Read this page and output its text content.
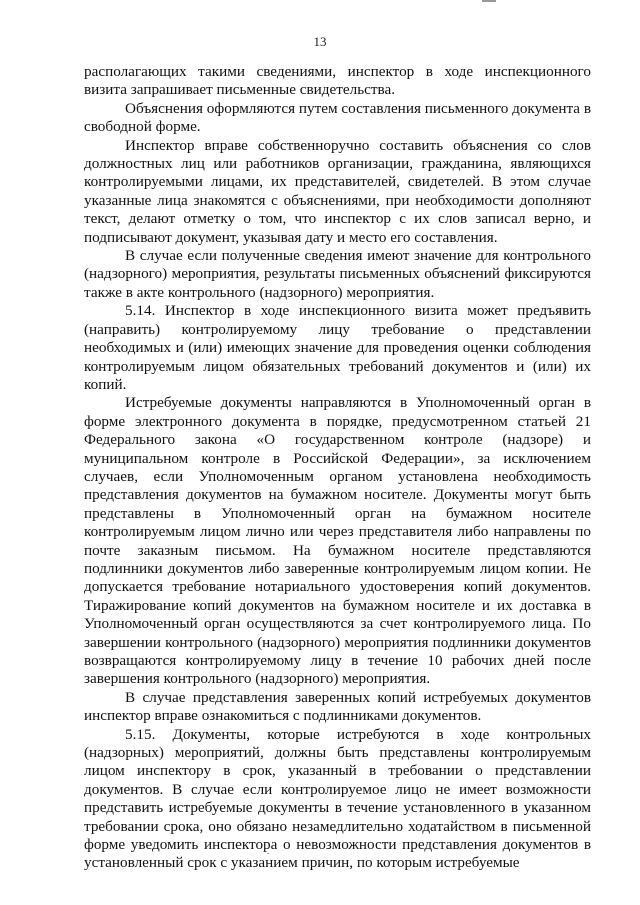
13

располагающих такими сведениями, инспектор в ходе инспекционного визита запрашивает письменные свидетельства.

Объяснения оформляются путем составления письменного документа в свободной форме.

Инспектор вправе собственноручно составить объяснения со слов должностных лиц или работников организации, гражданина, являющихся контролируемыми лицами, их представителей, свидетелей. В этом случае указанные лица знакомятся с объяснениями, при необходимости дополняют текст, делают отметку о том, что инспектор с их слов записал верно, и подписывают документ, указывая дату и место его составления.

В случае если полученные сведения имеют значение для контрольного (надзорного) мероприятия, результаты письменных объяснений фиксируются также в акте контрольного (надзорного) мероприятия.

5.14. Инспектор в ходе инспекционного визита может предъявить (направить) контролируемому лицу требование о представлении необходимых и (или) имеющих значение для проведения оценки соблюдения контролируемым лицом обязательных требований документов и (или) их копий.

Истребуемые документы направляются в Уполномоченный орган в форме электронного документа в порядке, предусмотренном статьей 21 Федерального закона «О государственном контроле (надзоре) и муниципальном контроле в Российской Федерации», за исключением случаев, если Уполномоченным органом установлена необходимость представления документов на бумажном носителе. Документы могут быть представлены в Уполномоченный орган на бумажном носителе контролируемым лицом лично или через представителя либо направлены по почте заказным письмом. На бумажном носителе представляются подлинники документов либо заверенные контролируемым лицом копии. Не допускается требование нотариального удостоверения копий документов. Тиражирование копий документов на бумажном носителе и их доставка в Уполномоченный орган осуществляются за счет контролируемого лица. По завершении контрольного (надзорного) мероприятия подлинники документов возвращаются контролируемому лицу в течение 10 рабочих дней после завершения контрольного (надзорного) мероприятия.

В случае представления заверенных копий истребуемых документов инспектор вправе ознакомиться с подлинниками документов.

5.15. Документы, которые истребуются в ходе контрольных (надзорных) мероприятий, должны быть представлены контролируемым лицом инспектору в срок, указанный в требовании о представлении документов. В случае если контролируемое лицо не имеет возможности представить истребуемые документы в течение установленного в указанном требовании срока, оно обязано незамедлительно ходатайством в письменной форме уведомить инспектора о невозможности представления документов в установленный срок с указанием причин, по которым истребуемые
